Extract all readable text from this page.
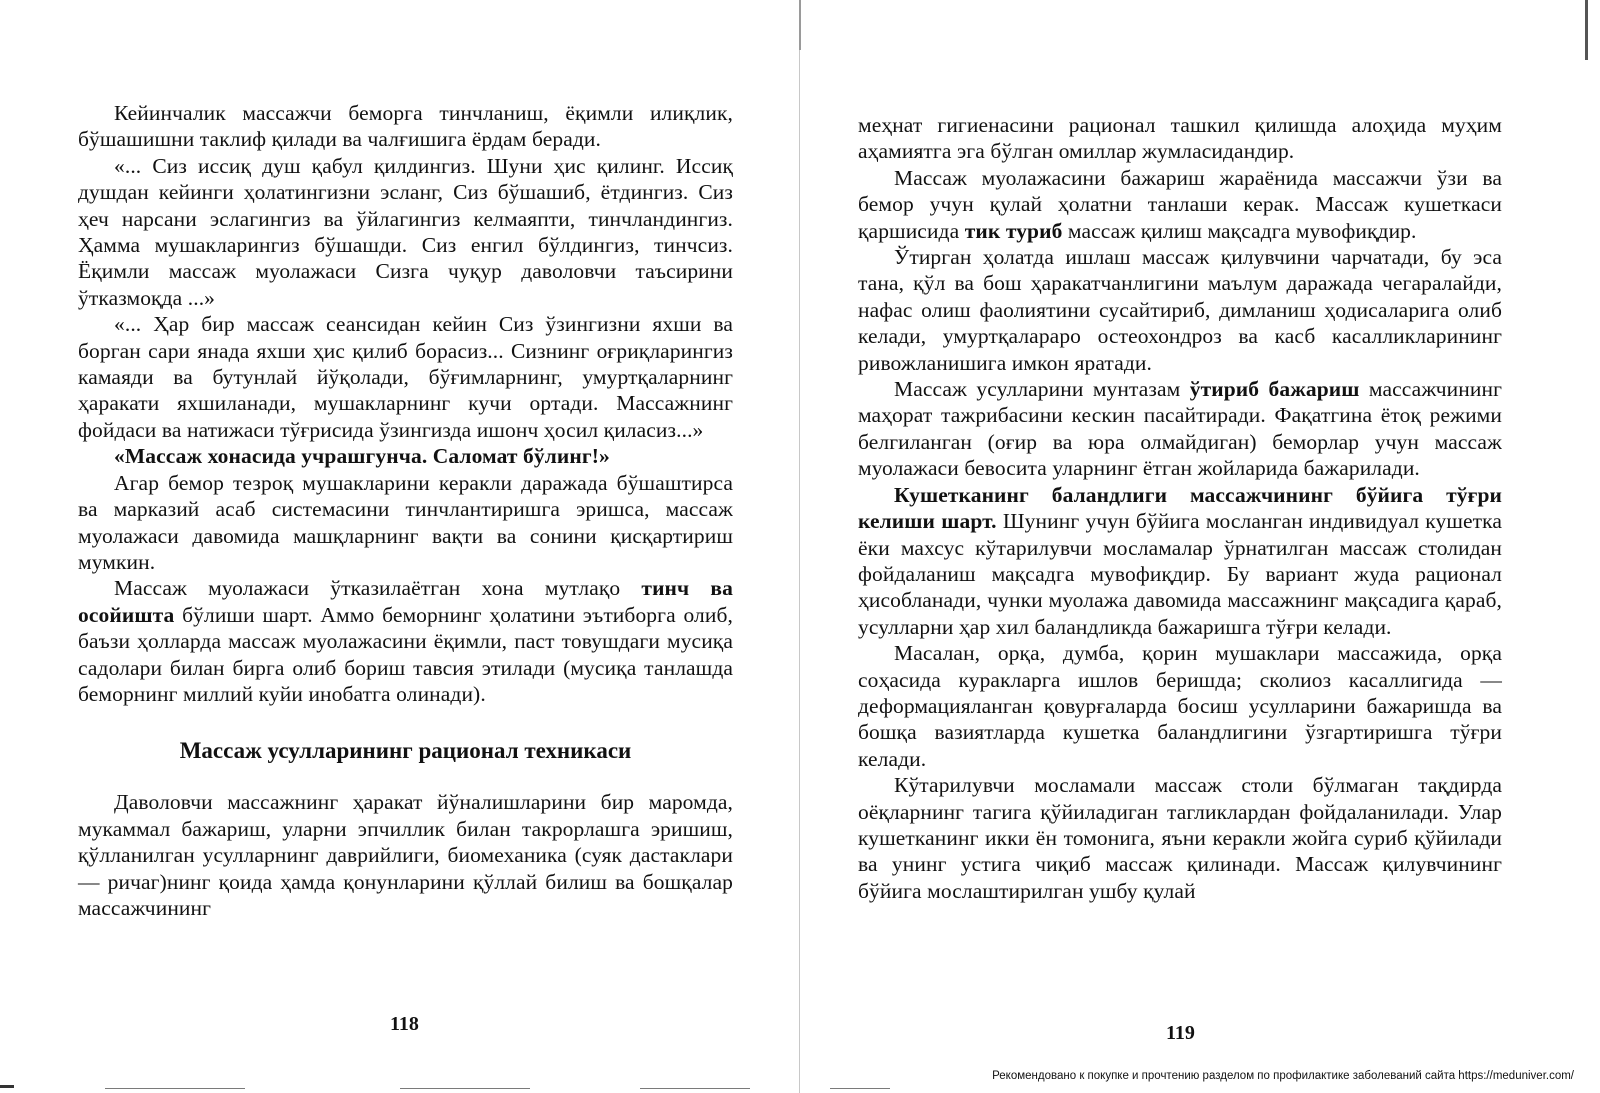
Кейинчалик массажчи беморга тинчланиш, ёқимли илиқлик, бўшашишни таклиф қилади ва чалғишига ёрдам беради.

«... Сиз иссиқ душ қабул қилдингиз. Шуни ҳис қилинг. Иссиқ душдан кейинги ҳолатингизни эсланг, Сиз бўшашиб, ётдингиз. Сиз ҳеч нарсани эслагингиз ва ўйлагингиз келмаяпти, тинчландингиз. Ҳамма мушакларингиз бўшашди. Сиз енгил бўлдингиз, тинчсиз. Ёқимли массаж муолажаси Сизга чуқур даволовчи таъсирини ўтказмоқда ...»

«... Ҳар бир массаж сеансидан кейин Сиз ўзингизни яхши ва борган сари янада яхши ҳис қилиб борасиз... Сизнинг оғриқларингиз камаяди ва бутунлай йўқолади, бўғимларнинг, умуртқаларнинг ҳаракати яхшиланади, мушакларнинг кучи ортади. Массажнинг фойдаси ва натижаси тўғрисида ўзингизда ишонч ҳосил қиласиз...»

«Массаж хонасида учрашгунча. Саломат бўлинг!»

Агар бемор тезроқ мушакларини керакли даражада бўшаштирса ва марказий асаб системасини тинчлантиришга эришса, массаж муолажаси давомида машқларнинг вақти ва сонини қисқартириш мумкин.

Массаж муолажаси ўтказилаётган хона мутлақо тинч ва осойишта бўлиши шарт. Аммо беморнинг ҳолатини эътиборга олиб, баъзи ҳолларда массаж муолажасини ёқимли, паст товушдаги мусиқа садолари билан бирга олиб бориш тавсия этилади (мусиқа танлашда беморнинг миллий куйи инобатга олинади).

Массаж усулларининг рационал техникаси

Даволовчи массажнинг ҳаракат йўналишларини бир маромда, мукаммал бажариш, уларни эпчиллик билан такрорлашга эришиш, қўлланилган усулларнинг даврийлиги, биомеханика (суяк дастаклари — ричаг)нинг қоида ҳамда қонунларини қўллай билиш ва бошқалар массажчининг

118

меҳнат гигиенасини рационал ташкил қилишда алоҳида муҳим аҳамиятга эга бўлган омиллар жумласидандир.

Массаж муолажасини бажариш жараёнида массажчи ўзи ва бемор учун қулай ҳолатни танлаши керак. Массаж кушеткаси қаршисида тик туриб массаж қилиш мақсадга мувофиқдир.

Ўтирган ҳолатда ишлаш массаж қилувчини чарчатади, бу эса тана, қўл ва бош ҳаракатчанлигини маълум даражада чегаралайди, нафас олиш фаолиятини сусайтириб, димланиш ҳодисаларига олиб келади, умуртқалараро остеохондроз ва касб касалликларининг ривожланишига имкон яратади.

Массаж усулларини мунтазам ўтириб бажариш массажчининг маҳорат тажрибасини кескин пасайтиради. Фақатгина ётоқ режими белгиланган (оғир ва юра олмайдиган) беморлар учун массаж муолажаси бевосита уларнинг ётган жойларида бажарилади.

Кушетканинг баландлиги массажчининг бўйига тўғри келиши шарт. Шунинг учун бўйига мосланган индивидуал кушетка ёки махсус кўтарилувчи мосламалар ўрнатилган массаж столидан фойдаланиш мақсадга мувофиқдир. Бу вариант жуда рационал ҳисобланади, чунки муолажа давомида массажнинг мақсадига қараб, усулларни ҳар хил баландликда бажаришга тўғри келади.

Масалан, орқа, думба, қорин мушаклари массажида, орқа соҳасида куракларга ишлов беришда; сколиоз касаллигида — деформацияланган қовурғаларда босиш усулларини бажаришда ва бошқа вазиятларда кушетка баландлигини ўзгартиришга тўғри келади.

Кўтарилувчи мосламали массаж столи бўлмаган тақдирда оёқларнинг тагига қўйиладиган тагликлардан фойдаланилади. Улар кушетканинг икки ён томонига, яъни керакли жойга суриб қўйилади ва унинг устига чиқиб массаж қилинади. Массаж қилувчининг бўйига мослаштирилган ушбу қулай

119
Рекомендовано к покупке и прочтению разделом по профилактике заболеваний сайта https://meduniver.com/
